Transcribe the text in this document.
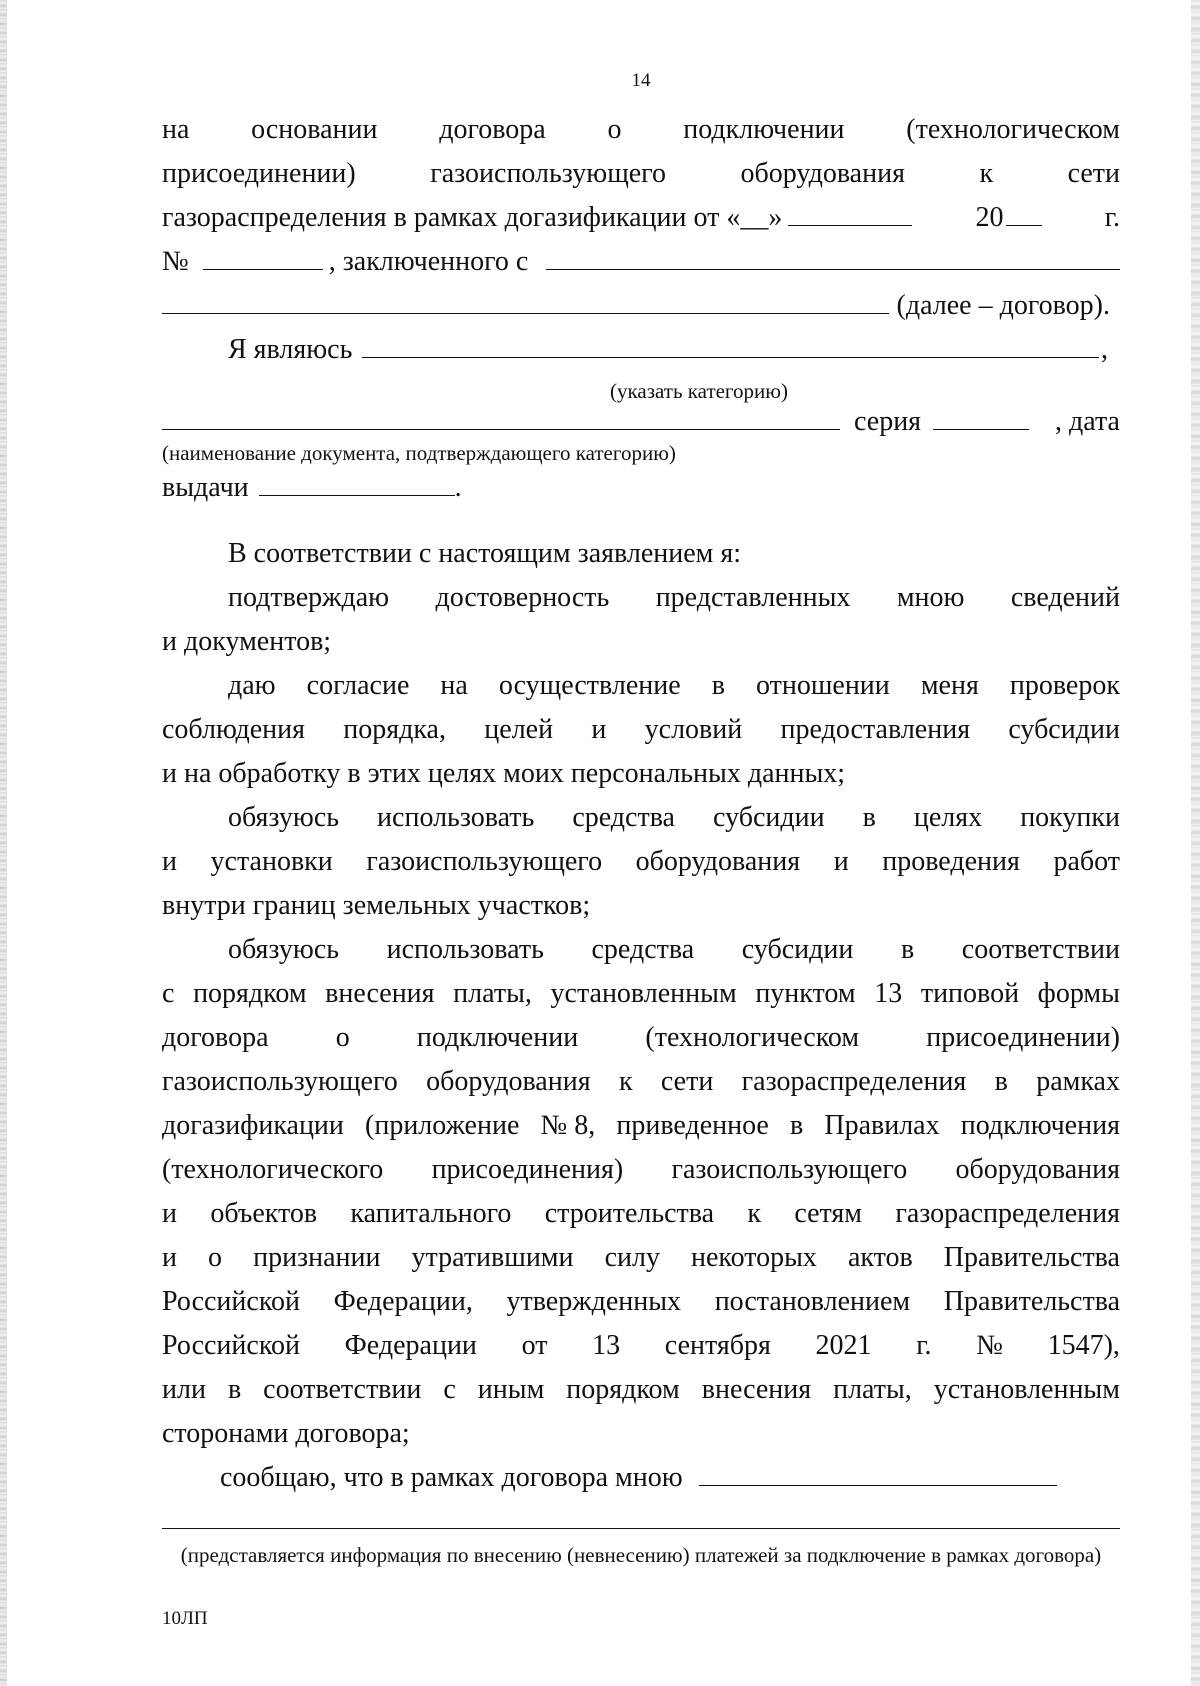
14
на основании договора о подключении (технологическом
присоединении)	газоиспользующего	оборудования	к	сети
газораспределения в рамках догазификации от «__»	20	г.
№	, заключенного с
(далее – договор).
Я являюсь	,
(указать категорию)
серия	, дата
(наименование документа, подтверждающего категорию)
выдачи	.
В соответствии с настоящим заявлением я:
подтверждаю достоверность представленных мною сведений
и документов;
даю согласие на осуществление в отношении меня проверок
соблюдения порядка, целей и условий предоставления субсидии
и на обработку в этих целях моих персональных данных;
обязуюсь использовать средства субсидии в целях покупки
и установки газоиспользующего оборудования и проведения работ
внутри границ земельных участков;
обязуюсь использовать средства субсидии в соответствии
с порядком внесения платы, установленным пунктом 13 типовой формы
договора о подключении (технологическом присоединении)
газоиспользующего оборудования к сети газораспределения в рамках
догазификации (приложение № 8, приведенное в Правилах подключения
(технологического присоединения) газоиспользующего оборудования
и объектов капитального строительства к сетям газораспределения
и о признании утратившими силу некоторых актов Правительства
Российской Федерации, утвержденных постановлением Правительства
Российской Федерации от 13 сентября 2021 г. № 1547),
или в соответствии с иным порядком внесения платы, установленным
сторонами договора;
сообщаю, что в рамках договора мною
(представляется информация по внесению (невнесению) платежей за подключение в рамках договора)
10ЛП
